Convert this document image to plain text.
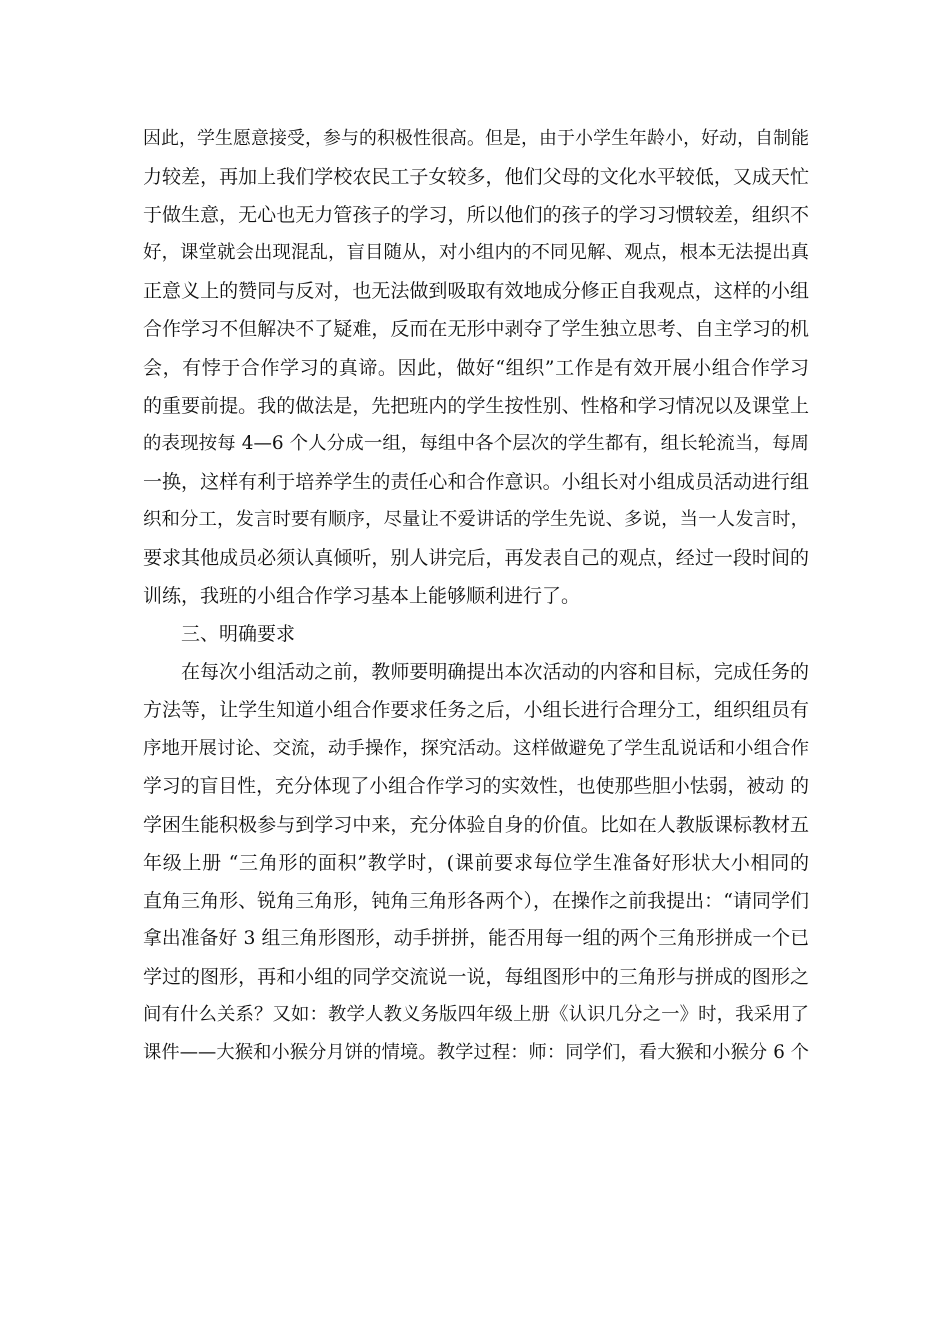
因此，学生愿意接受，参与的积极性很高。但是，由于小学生年龄小，好动，自制能
力较差，再加上我们学校农民工子女较多，他们父母的文化水平较低，又成天忙
于做生意，无心也无力管孩子的学习，所以他们的孩子的学习习惯较差，组织不
好，课堂就会出现混乱，盲目随从，对小组内的不同见解、观点，根本无法提出真
正意义上的赞同与反对，也无法做到吸取有效地成分修正自我观点，这样的小组
合作学习不但解决不了疑难，反而在无形中剥夺了学生独立思考、自主学习的机
会，有悖于合作学习的真谛。因此，做好“组织”工作是有效开展小组合作学习
的重要前提。我的做法是，先把班内的学生按性别、性格和学习情况以及课堂上
的表现按每 4—6 个人分成一组，每组中各个层次的学生都有，组长轮流当，每周
一换，这样有利于培养学生的责任心和合作意识。小组长对小组成员活动进行组
织和分工，发言时要有顺序，尽量让不爱讲话的学生先说、多说，当一人发言时，
要求其他成员必须认真倾听，别人讲完后，再发表自己的观点，经过一段时间的
训练，我班的小组合作学习基本上能够顺利进行了。
三、明确要求
在每次小组活动之前，教师要明确提出本次活动的内容和目标，完成任务的
方法等，让学生知道小组合作要求任务之后，小组长进行合理分工，组织组员有
序地开展讨论、交流，动手操作，探究活动。这样做避免了学生乱说话和小组合作
学习的盲目性，充分体现了小组合作学习的实效性，也使那些胆小怯弱，被动 的
学困生能积极参与到学习中来，充分体验自身的价值。比如在人教版课标教材五
年级上册 “三角形的面积”教学时，(课前要求每位学生准备好形状大小相同的
直角三角形、锐角三角形，钝角三角形各两个），在操作之前我提出：“请同学们
拿出准备好 3 组三角形图形，动手拼拼，能否用每一组的两个三角形拼成一个已
学过的图形，再和小组的同学交流说一说，每组图形中的三角形与拼成的图形之
间有什么关系？又如：教学人教义务版四年级上册《认识几分之一》时，我采用了
课件——大猴和小猴分月饼的情境。教学过程：师：同学们，看大猴和小猴分 6 个
